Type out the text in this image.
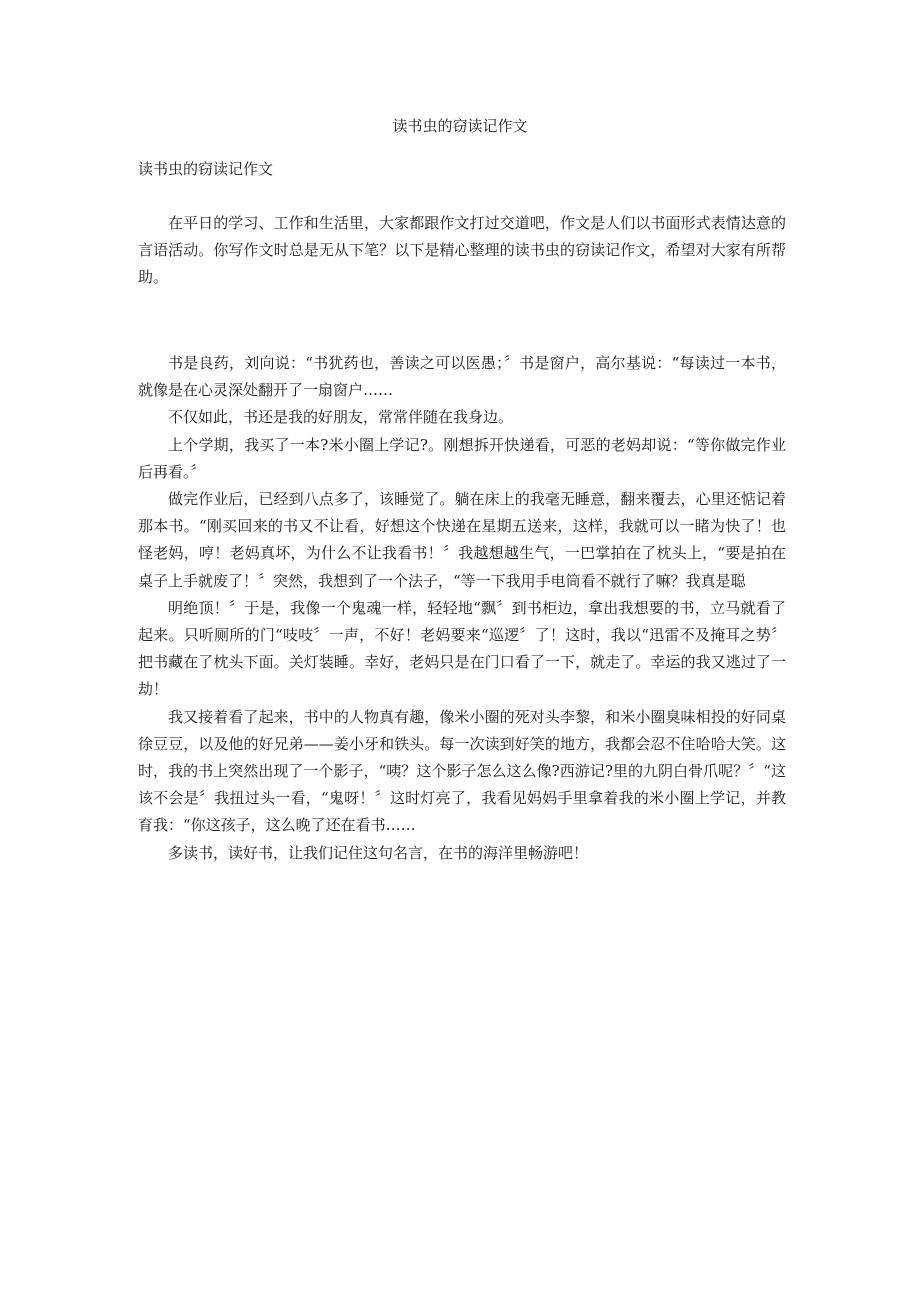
读书虫的窃读记作文

读书虫的窃读记作文

在平日的学习、工作和生活里，大家都跟作文打过交道吧，作文是人们以书面形式表情达意的言语活动。你写作文时总是无从下笔？以下是精心整理的读书虫的窃读记作文，希望对大家有所帮助。

书是良药，刘向说：“书犹药也，善读之可以医愚；〞书是窗户，高尔基说：“每读过一本书，就像是在心灵深处翻开了一扇窗户……

不仅如此，书还是我的好朋友，常常伴随在我身边。

上个学期，我买了一本?米小圈上学记?。刚想拆开快递看，可恶的老妈却说：“等你做完作业后再看。〞

做完作业后，已经到八点多了，该睡觉了。躺在床上的我毫无睡意，翻来覆去，心里还惦记着那本书。“刚买回来的书又不让看，好想这个快递在星期五送来，这样，我就可以一睹为快了！也怪老妈，哼！老妈真坏，为什么不让我看书！〞我越想越生气，一巴掌拍在了枕头上，“要是拍在桌子上手就废了！〞突然，我想到了一个法子，“等一下我用手电筒看不就行了嘛？我真是聪

明绝顶！〞于是，我像一个鬼魂一样，轻轻地“飘〞到书柜边，拿出我想要的书，立马就看了起来。只听厕所的门“吱吱〞一声，不好！老妈要来“巡逻〞了！这时，我以“迅雷不及掩耳之势〞把书藏在了枕头下面。关灯装睡。幸好，老妈只是在门口看了一下，就走了。幸运的我又逃过了一劫！

我又接着看了起来，书中的人物真有趣，像米小圈的死对头李黎，和米小圈臭味相投的好同桌徐豆豆，以及他的好兄弟——姜小牙和铁头。每一次读到好笑的地方，我都会忍不住哈哈大笑。这时，我的书上突然出现了一个影子，“咦？这个影子怎么这么像?西游记?里的九阴白骨爪呢？〞“这该不会是〞我扭过头一看，“鬼呀！〞这时灯亮了，我看见妈妈手里拿着我的米小圈上学记，并教育我：“你这孩子，这么晚了还在看书……

多读书，读好书，让我们记住这句名言，在书的海洋里畅游吧！
